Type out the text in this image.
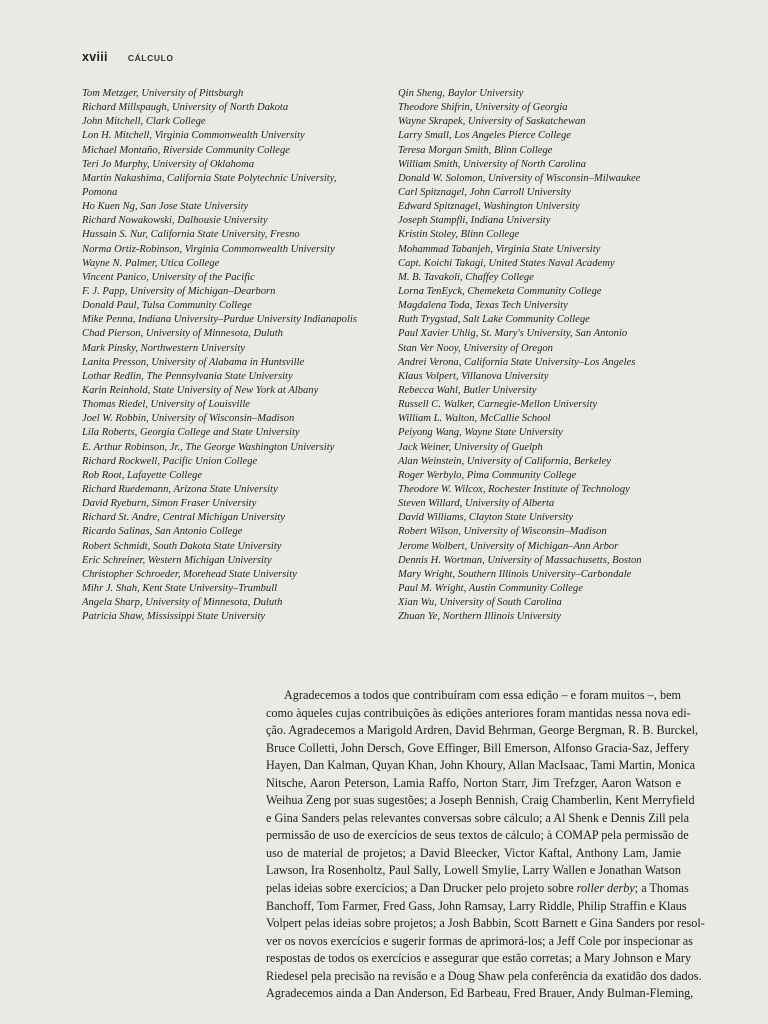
xviii CÁLCULO
Tom Metzger, University of Pittsburgh
Richard Millspaugh, University of North Dakota
John Mitchell, Clark College
Lon H. Mitchell, Virginia Commonwealth University
Michael Montaño, Riverside Community College
Teri Jo Murphy, University of Oklahoma
Martin Nakashima, California State Polytechnic University,
Pomona
Ho Kuen Ng, San Jose State University
Richard Nowakowski, Dalhousie University
Hussain S. Nur, California State University, Fresno
Norma Ortiz-Robinson, Virginia Commonwealth University
Wayne N. Palmer, Utica College
Vincent Panico, University of the Pacific
F. J. Papp, University of Michigan–Dearborn
Donald Paul, Tulsa Community College
Mike Penna, Indiana University–Purdue University Indianapolis
Chad Pierson, University of Minnesota, Duluth
Mark Pinsky, Northwestern University
Lanita Presson, University of Alabama in Huntsville
Lothar Redlin, The Pennsylvania State University
Karin Reinhold, State University of New York at Albany
Thomas Riedel, University of Louisville
Joel W. Robbin, University of Wisconsin–Madison
Lila Roberts, Georgia College and State University
E. Arthur Robinson, Jr., The George Washington University
Richard Rockwell, Pacific Union College
Rob Root, Lafayette College
Richard Ruedemann, Arizona State University
David Ryeburn, Simon Fraser University
Richard St. Andre, Central Michigan University
Ricardo Salinas, San Antonio College
Robert Schmidt, South Dakota State University
Eric Schreiner, Western Michigan University
Christopher Schroeder, Morehead State University
Mihr J. Shah, Kent State University–Trumbull
Angela Sharp, University of Minnesota, Duluth
Patricia Shaw, Mississippi State University
Qin Sheng, Baylor University
Theodore Shifrin, University of Georgia
Wayne Skrapek, University of Saskatchewan
Larry Small, Los Angeles Pierce College
Teresa Morgan Smith, Blinn College
William Smith, University of North Carolina
Donald W. Solomon, University of Wisconsin–Milwaukee
Carl Spitznagel, John Carroll University
Edward Spitznagel, Washington University
Joseph Stampfli, Indiana University
Kristin Stoley, Blinn College
Mohammad Tabanjeh, Virginia State University
Capt. Koichi Takagi, United States Naval Academy
M. B. Tavakoli, Chaffey College
Lorna TenEyck, Chemeketa Community College
Magdalena Toda, Texas Tech University
Ruth Trygstad, Salt Lake Community College
Paul Xavier Uhlig, St. Mary's University, San Antonio
Stan Ver Nooy, University of Oregon
Andrei Verona, California State University–Los Angeles
Klaus Volpert, Villanova University
Rebecca Wahl, Butler University
Russell C. Walker, Carnegie-Mellon University
William L. Walton, McCallie School
Peiyong Wang, Wayne State University
Jack Weiner, University of Guelph
Alan Weinstein, University of California, Berkeley
Roger Werbylo, Pima Community College
Theodore W. Wilcox, Rochester Institute of Technology
Steven Willard, University of Alberta
David Williams, Clayton State University
Robert Wilson, University of Wisconsin–Madison
Jerome Wolbert, University of Michigan–Ann Arbor
Dennis H. Wortman, University of Massachusetts, Boston
Mary Wright, Southern Illinois University–Carbondale
Paul M. Wright, Austin Community College
Xian Wu, University of South Carolina
Zhuan Ye, Northern Illinois University
Agradecemos a todos que contribuíram com essa edição – e foram muitos –, bem
como àqueles cujas contribuições às edições anteriores foram mantidas nessa nova edi-
ção. Agradecemos a Marigold Ardren, David Behrman, George Bergman, R. B. Burckel,
Bruce Colletti, John Dersch, Gove Effinger, Bill Emerson, Alfonso Gracia-Saz, Jeffery
Hayen, Dan Kalman, Quyan Khan, John Khoury, Allan MacIsaac, Tami Martin, Monica
Nitsche, Aaron Peterson, Lamia Raffo, Norton Starr, Jim Trefzger, Aaron Watson e
Weihua Zeng por suas sugestões; a Joseph Bennish, Craig Chamberlin, Kent Merryfield
e Gina Sanders pelas relevantes conversas sobre cálculo; a Al Shenk e Dennis Zill pela
permissão de uso de exercícios de seus textos de cálculo; à COMAP pela permissão de
uso de material de projetos; a David Bleecker, Victor Kaftal, Anthony Lam, Jamie
Lawson, Ira Rosenholtz, Paul Sally, Lowell Smylie, Larry Wallen e Jonathan Watson
pelas ideias sobre exercícios; a Dan Drucker pelo projeto sobre roller derby; a Thomas
Banchoff, Tom Farmer, Fred Gass, John Ramsay, Larry Riddle, Philip Straffin e Klaus
Volpert pelas ideias sobre projetos; a Josh Babbin, Scott Barnett e Gina Sanders por resol-
ver os novos exercícios e sugerir formas de aprimorá-los; a Jeff Cole por inspecionar as
respostas de todos os exercícios e assegurar que estão corretas; a Mary Johnson e Mary
Riedesel pela precisão na revisão e a Doug Shaw pela conferência da exatidão dos dados.
Agradecemos ainda a Dan Anderson, Ed Barbeau, Fred Brauer, Andy Bulman-Fleming,
